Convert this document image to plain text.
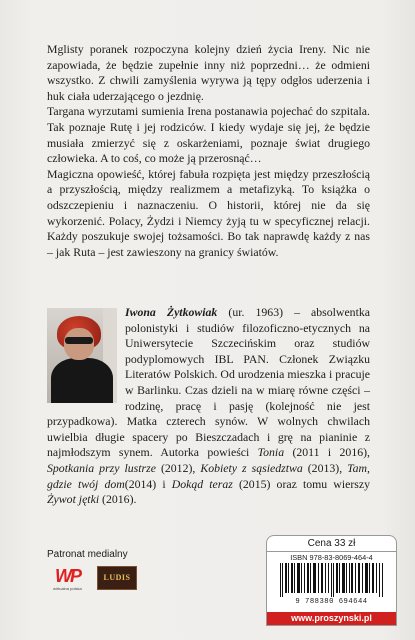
Mglisty poranek rozpoczyna kolejny dzień życia Ireny. Nic nie zapowiada, że będzie zupełnie inny niż poprzedni… że odmieni wszystko. Z chwili zamyślenia wyrywa ją tępy odgłos uderzenia i huk ciała uderzającego o jezdnię.

Targana wyrzutami sumienia Irena postanawia pojechać do szpitala. Tak poznaje Rutę i jej rodziców. I kiedy wydaje się jej, że będzie musiała zmierzyć się z oskarżeniami, poznaje świat drugiego człowieka. A to coś, co może ją przerosnąć…

Magiczna opowieść, której fabuła rozpięta jest między przeszłością a przyszłością, między realizmem a metafizyką. To książka o odszczepieniu i naznaczeniu. O historii, której nie da się wykorzenić. Polacy, Żydzi i Niemcy żyją tu w specyficznej relacji. Każdy poszukuje swojej tożsamości. Bo tak naprawdę każdy z nas – jak Ruta – jest zawieszony na granicy światów.

Iwona Żytkowiak (ur. 1963) – absolwentka polonistyki i studiów filozoficzno-etycznych na Uniwersytecie Szczecińskim oraz studiów podyplomowych IBL PAN. Członek Związku Literatów Polskich. Od urodzenia mieszka i pracuje w Barlinku. Czas dzieli na w miarę równe części – rodzinę, pracę i pasję (kolejność nie jest przypadkowa). Matka czterech synów. W wolnych chwilach uwielbia długie spacery po Bieszczadach i grę na pianinie z najmłodszym synem. Autorka powieści Tonia (2011 i 2016), Spotkania przy lustrze (2012), Kobiety z sąsiedztwa (2013), Tam, gdzie twój dom(2014) i Dokąd teraz (2015) oraz tomu wierszy Żywot jętki (2016).
Patronat medialny
WP
wirtualna polska
LUDIS
Cena 33 zł
ISBN 978-83-8069-464-4
9 788380 694644
www.proszynski.pl
